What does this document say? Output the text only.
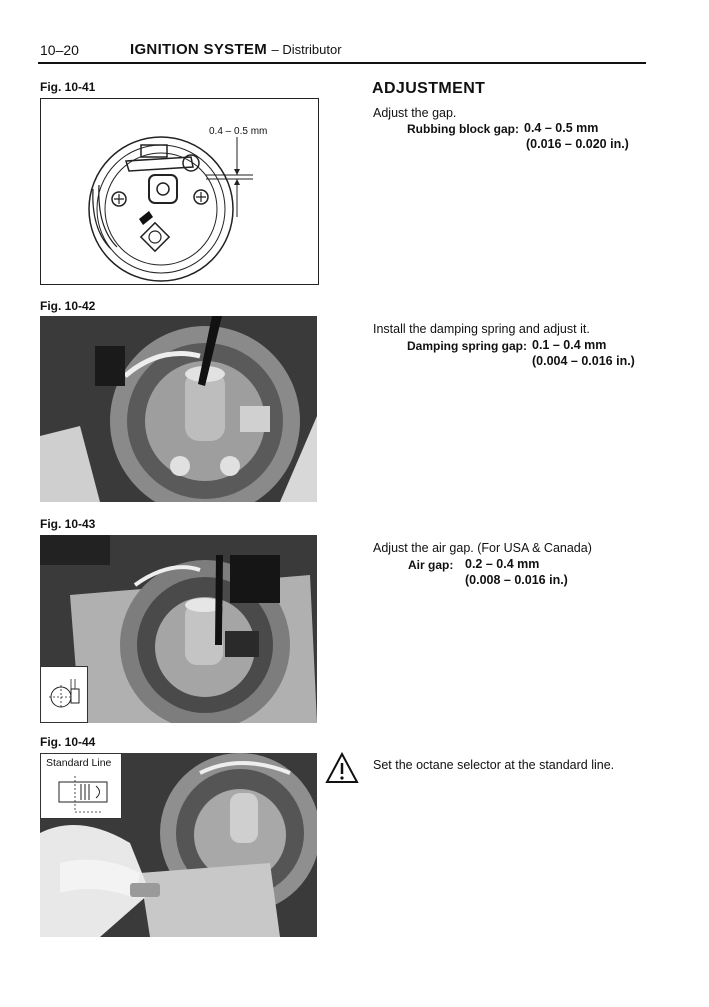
10–20	IGNITION SYSTEM – Distributor
Fig. 10-41
0.4 – 0.5 mm
Fig. 10-42
Fig. 10-43
Fig. 10-44
Standard Line
ADJUSTMENT
Adjust the gap.
Rubbing block gap: 0.4 – 0.5 mm
(0.016 – 0.020 in.)
Install the damping spring and adjust it.
Damping spring gap: 0.1 – 0.4 mm
(0.004 – 0.016 in.)
Adjust the air gap. (For USA & Canada)
Air gap: 0.2 – 0.4 mm
(0.008 – 0.016 in.)
Set the octane selector at the standard line.
